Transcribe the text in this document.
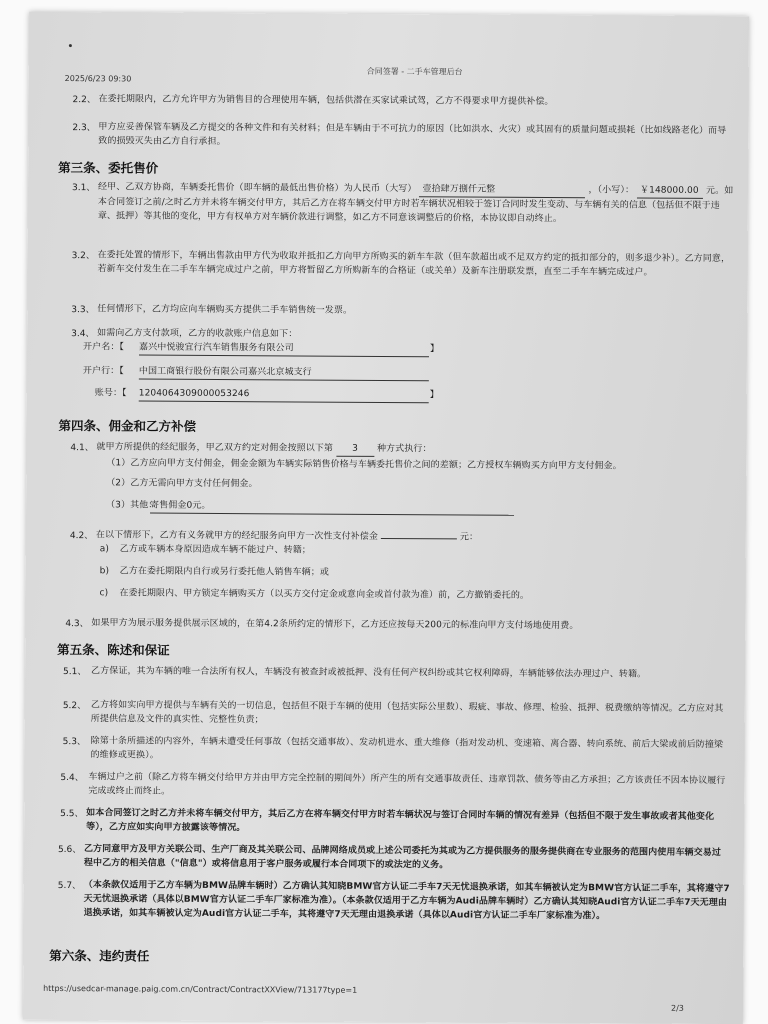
2025/6/23 09:30
合同签署 - 二手车管理后台
2.2、 在委托期限内，乙方允许甲方为销售目的合理使用车辆，包括供潜在买家试乘试驾，乙方不得要求甲方提供补偿。
2.3、 甲方应妥善保管车辆及乙方提交的各种文件和有关材料；但是车辆由于不可抗力的原因（比如洪水、火灾）或其固有的质量问题或损耗（比如线路老化）而导致的损毁灭失由乙方自行承担。
第三条、委托售价
3.1、 经甲、乙双方协商，车辆委托售价（即车辆的最低出售价格）为人民币（大写） 壹拾肆万捌仟元整	，（小写）： ￥148000.00 元。如本合同签订之前/之时乙方并未将车辆交付甲方，其后乙方在将车辆交付甲方时若车辆状况相较于签订合同时发生变动、与车辆有关的信息（包括但不限于违章、抵押）等其他的变化，甲方有权单方对车辆价款进行调整，如乙方不同意该调整后的价格，本协议即自动终止。
3.2、 在委托处置的情形下，车辆出售款由甲方代为收取并抵扣乙方向甲方所购买的新车车款（但车款超出或不足双方约定的抵扣部分的，则多退少补）。乙方同意，若新车交付发生在二手车车辆完成过户之前，甲方将暂留乙方所购新车的合格证（或关单）及新车注册联发票，直至二手车车辆完成过户。
3.3、 任何情形下，乙方均应向车辆购买方提供二手车销售统一发票。
3.4、 如需向乙方支付款项，乙方的收款账户信息如下：
开户名：【 嘉兴中悦骏宜行汽车销售服务有限公司	】
开户行：【 中国工商银行股份有限公司嘉兴北京城支行
账号：【 1204064309000053246	】
第四条、佣金和乙方补偿
4.1、 就甲方所提供的经纪服务，甲乙双方约定对佣金按照以下第 3 种方式执行：
（1）乙方应向甲方支付佣金，佣金金额为车辆实际销售价格与车辆委托售价之间的差额；乙方授权车辆购买方向甲方支付佣金。
（2）乙方无需向甲方支付任何佣金。
（3）其他：
寄售佣金0元。
4.2、 在以下情形下，乙方有义务就甲方的经纪服务向甲方一次性支付补偿金	元：
a) 乙方或车辆本身原因造成车辆不能过户、转籍；
b) 乙方在委托期限内自行或另行委托他人销售车辆；或
c) 在委托期限内、甲方锁定车辆购买方（以买方交付定金或意向金或首付款为准）前，乙方撤销委托的。
4.3、 如果甲方为展示服务提供展示区域的，在第4.2条所约定的情形下，乙方还应按每天200元的标准向甲方支付场地使用费。
第五条、陈述和保证
5.1、 乙方保证，其为车辆的唯一合法所有权人，车辆没有被查封或被抵押、没有任何产权纠纷或其它权利障碍，车辆能够依法办理过户、转籍。
5.2、 乙方将如实向甲方提供与车辆有关的一切信息，包括但不限于车辆的使用（包括实际公里数）、瑕疵、事故、修理、检验、抵押、税费缴纳等情况。乙方应对其所提供信息及文件的真实性、完整性负责；
5.3、 除第十条所描述的内容外，车辆未遭受任何事故（包括交通事故）、发动机进水、重大维修（指对发动机、变速箱、离合器、转向系统、前后大梁或前后防撞梁的维修或更换）。
5.4、 车辆过户之前（除乙方将车辆交付给甲方并由甲方完全控制的期间外）所产生的所有交通事故责任、违章罚款、债务等由乙方承担；乙方该责任不因本协议履行完成或终止而终止。
5.5、 如本合同签订之时乙方并未将车辆交付甲方，其后乙方在将车辆交付甲方时若车辆状况与签订合同时车辆的情况有差异（包括但不限于发生事故或者其他变化等），乙方应如实向甲方披露该等情况。
5.6、 乙方同意甲方及甲方关联公司、生产厂商及其关联公司、品牌网络成员或上述公司委托为其或为乙方提供服务的服务提供商在专业服务的范围内使用车辆交易过程中乙方的相关信息（"信息"）或将信息用于客户服务或履行本合同项下的或法定的义务。
5.7、 （本条款仅适用于乙方车辆为BMW品牌车辆时）乙方确认其知晓BMW官方认证二手车7天无忧退换承诺，如其车辆被认定为BMW官方认证二手车，其将遵守7天无忧退换承诺（具体以BMW官方认证二手车厂家标准为准）。（本条款仅适用于乙方车辆为Audi品牌车辆时）乙方确认其知晓Audi官方认证二手车7天无理由退换承诺，如其车辆被认定为Audi官方认证二手车，其将遵守7天无理由退换承诺（具体以Audi官方认证二手车厂家标准为准）。
第六条、违约责任
https://usedcar-manage.paig.com.cn/Contract/ContractXXView/713177type=1
2/3
